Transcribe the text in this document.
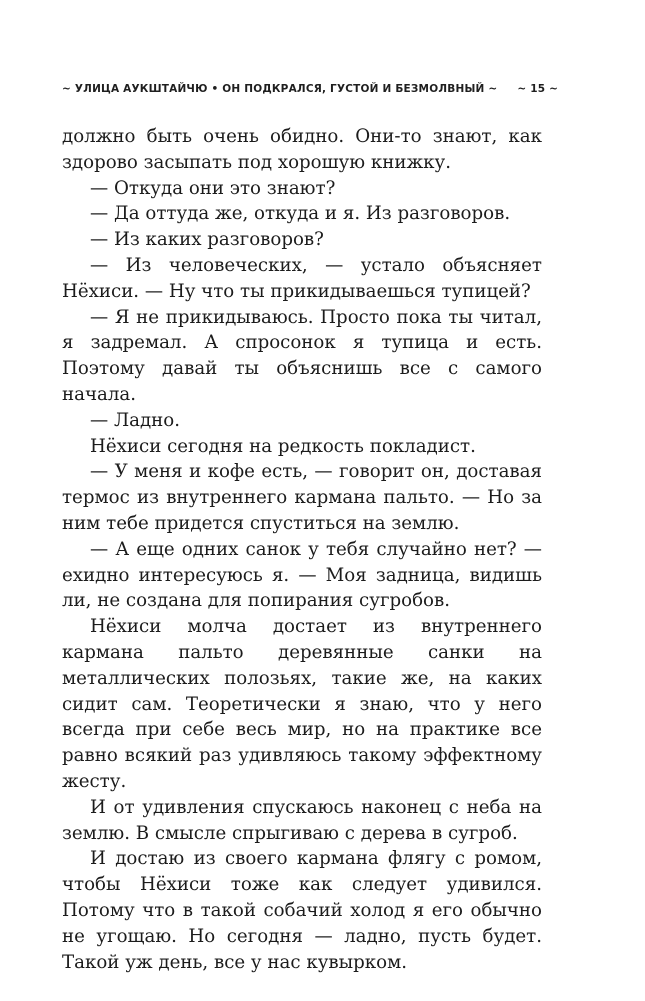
~ УЛИЦА АУКШТАЙЧЮ • ОН ПОДКРАЛСЯ, ГУСТОЙ И БЕЗМОЛВНЫЙ ~ ~ 15 ~

должно быть очень обидно. Они-то знают, как здорово засыпать под хорошую книжку.

— Откуда они это знают?

— Да оттуда же, откуда и я. Из разговоров.

— Из каких разговоров?

— Из человеческих, — устало объясняет Нёхиси. — Ну что ты прикидываешься тупицей?

— Я не прикидываюсь. Просто пока ты читал, я задремал. А спросонок я тупица и есть. Поэтому давай ты объяснишь все с самого начала.

— Ладно.

Нёхиси сегодня на редкость покладист.

— У меня и кофе есть, — говорит он, доставая термос из внутреннего кармана пальто. — Но за ним тебе придется спуститься на землю.

— А еще одних санок у тебя случайно нет? — ехидно интересуюсь я. — Моя задница, видишь ли, не создана для попирания сугробов.

Нёхиси молча достает из внутреннего кармана пальто деревянные санки на металлических полозьях, такие же, на каких сидит сам. Теоретически я знаю, что у него всегда при себе весь мир, но на практике все равно всякий раз удивляюсь такому эффектному жесту.

И от удивления спускаюсь наконец с неба на землю. В смысле спрыгиваю с дерева в сугроб.

И достаю из своего кармана флягу с ромом, чтобы Нёхиси тоже как следует удивился. Потому что в такой собачий холод я его обычно не угощаю. Но сегодня — ладно, пусть будет. Такой уж день, все у нас кувырком.
